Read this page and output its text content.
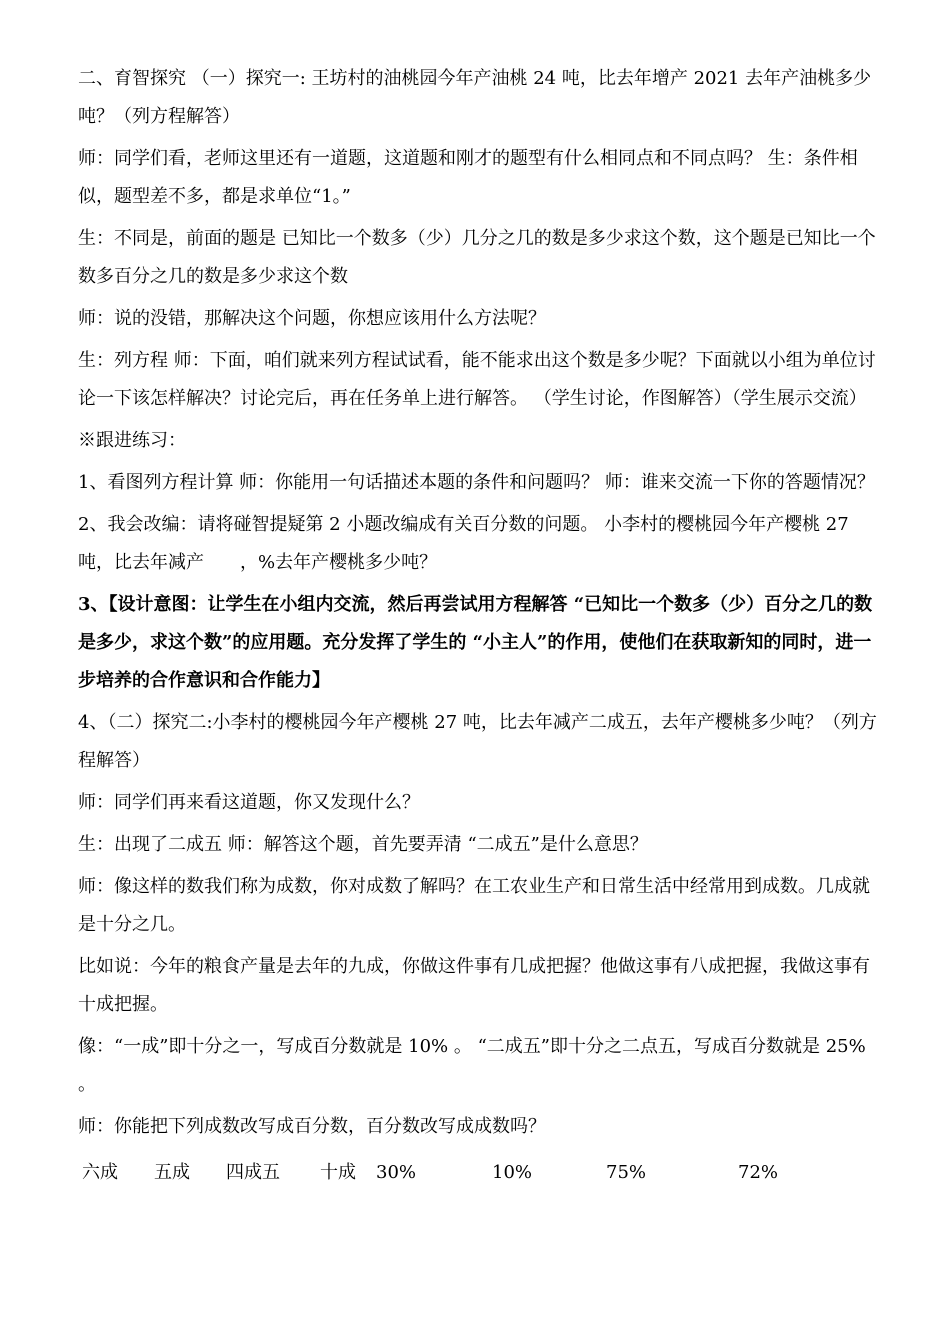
二、育智探究 （一）探究一: 王坊村的油桃园今年产油桃 24 吨，比去年增产 2021 去年产油桃多少吨？（列方程解答）

师：同学们看，老师这里还有一道题，这道题和刚才的题型有什么相同点和不同点吗？ 生：条件相似，题型差不多，都是求单位“1。”

生：不同是，前面的题是 已知比一个数多（少）几分之几的数是多少求这个数，这个题是已知比一个数多百分之几的数是多少求这个数

师：说的没错，那解决这个问题，你想应该用什么方法呢？

生：列方程 师：下面，咱们就来列方程试试看，能不能求出这个数是多少呢？下面就以小组为单位讨论一下该怎样解决？讨论完后，再在任务单上进行解答。 （学生讨论，作图解答）（学生展示交流）

※跟进练习：

1、看图列方程计算 师：你能用一句话描述本题的条件和问题吗？ 师：谁来交流一下你的答题情况？

2、我会改编：请将碰智提疑第 2 小题改编成有关百分数的问题。 小李村的樱桃园今年产樱桃 27 吨，比去年减产　　，%去年产樱桃多少吨？

3、【设计意图：让学生在小组内交流，然后再尝试用方程解答 “已知比一个数多（少）百分之几的数是多少，求这个数”的应用题。充分发挥了学生的 “小主人”的作用，使他们在获取新知的同时，进一步培养的合作意识和合作能力】

4、（二）探究二:小李村的樱桃园今年产樱桃 27 吨，比去年减产二成五，去年产樱桃多少吨？（列方程解答）

师：同学们再来看这道题，你又发现什么？

生：出现了二成五 师：解答这个题，首先要弄清 “二成五”是什么意思？

师：像这样的数我们称为成数，你对成数了解吗？在工农业生产和日常生活中经常用到成数。几成就是十分之几。

比如说：今年的粮食产量是去年的九成，你做这件事有几成把握？他做这事有八成把握，我做这事有十成把握。

像：“一成”即十分之一，写成百分数就是 10% 。 “二成五”即十分之二点五，写成百分数就是 25% 。

师：你能把下列成数改写成百分数，百分数改写成成数吗？

六成 五成 四成五 十成 30%	10%	75%	72%
